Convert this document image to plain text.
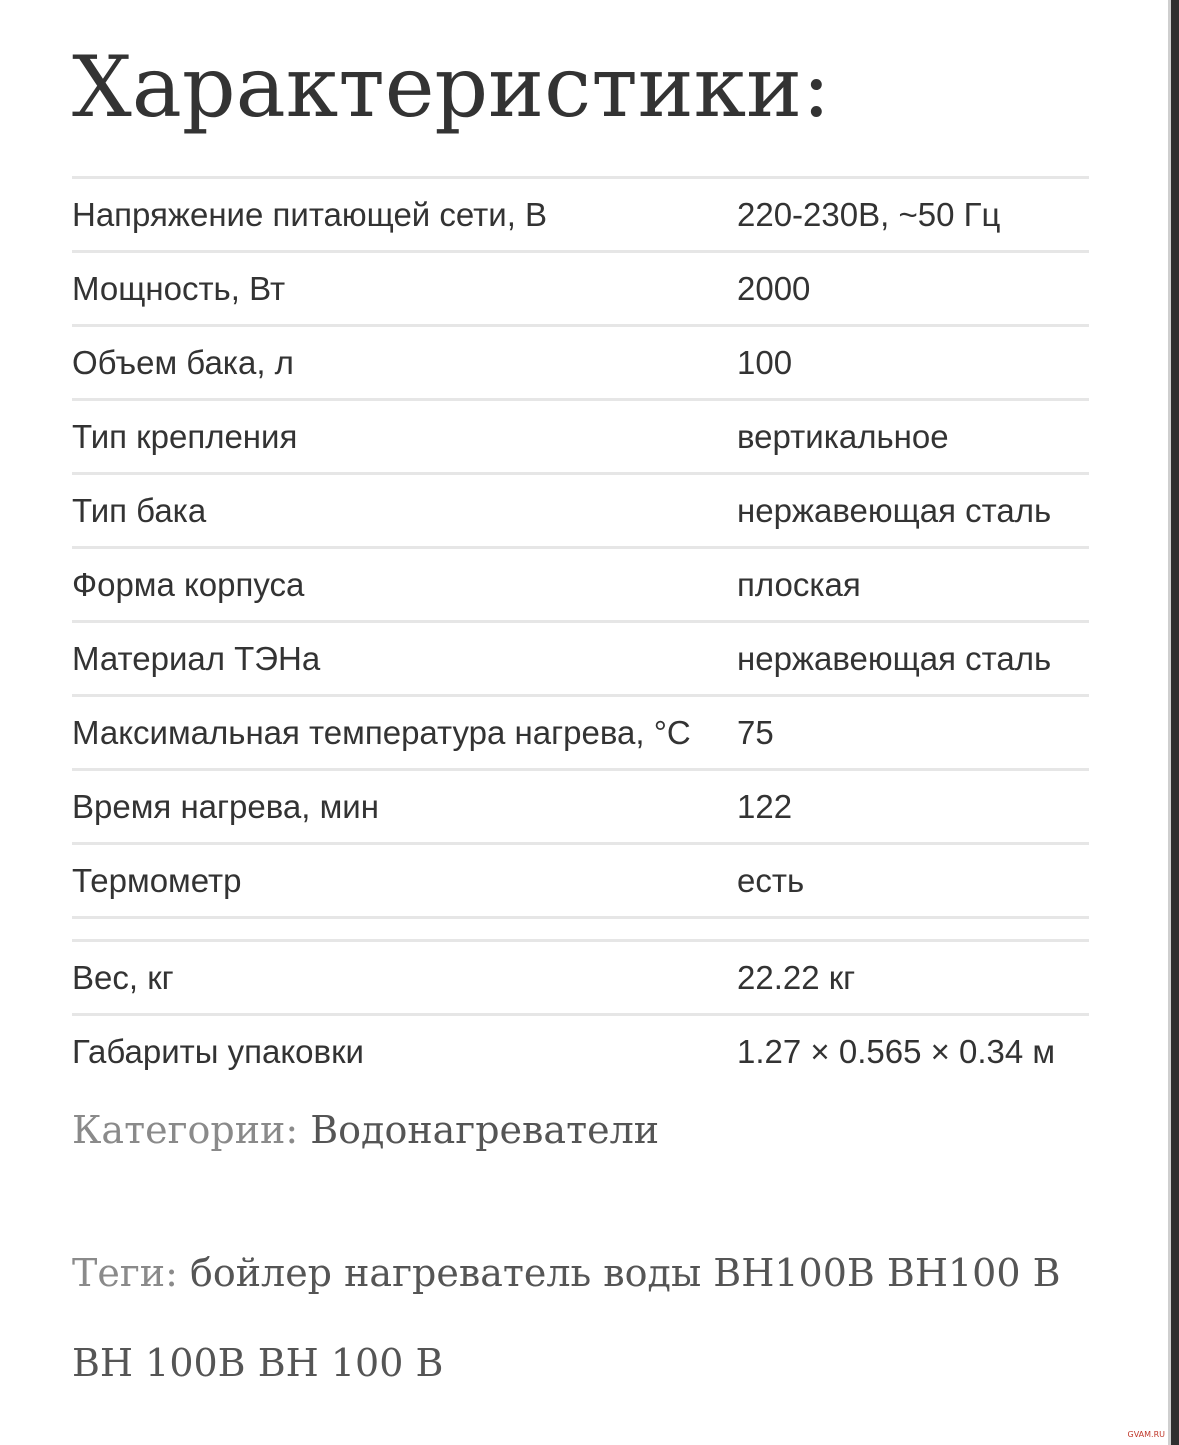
Характеристики:
Напряжение питающей сети, В	220-230В, ~50 Гц
Мощность, Вт	2000
Объем бака, л	100
Тип крепления	вертикальное
Тип бака	нержавеющая сталь
Форма корпуса	плоская
Материал ТЭНа	нержавеющая сталь
Максимальная температура нагрева, °C	75
Время нагрева, мин	122
Термометр	есть
Вес, кг	22.22 кг
Габариты упаковки	1.27 × 0.565 × 0.34 м
Категории: Водонагреватели
Теги: бойлер нагреватель воды ВН100В ВН100 В
ВН 100В ВН 100 В
GVAM.RU
